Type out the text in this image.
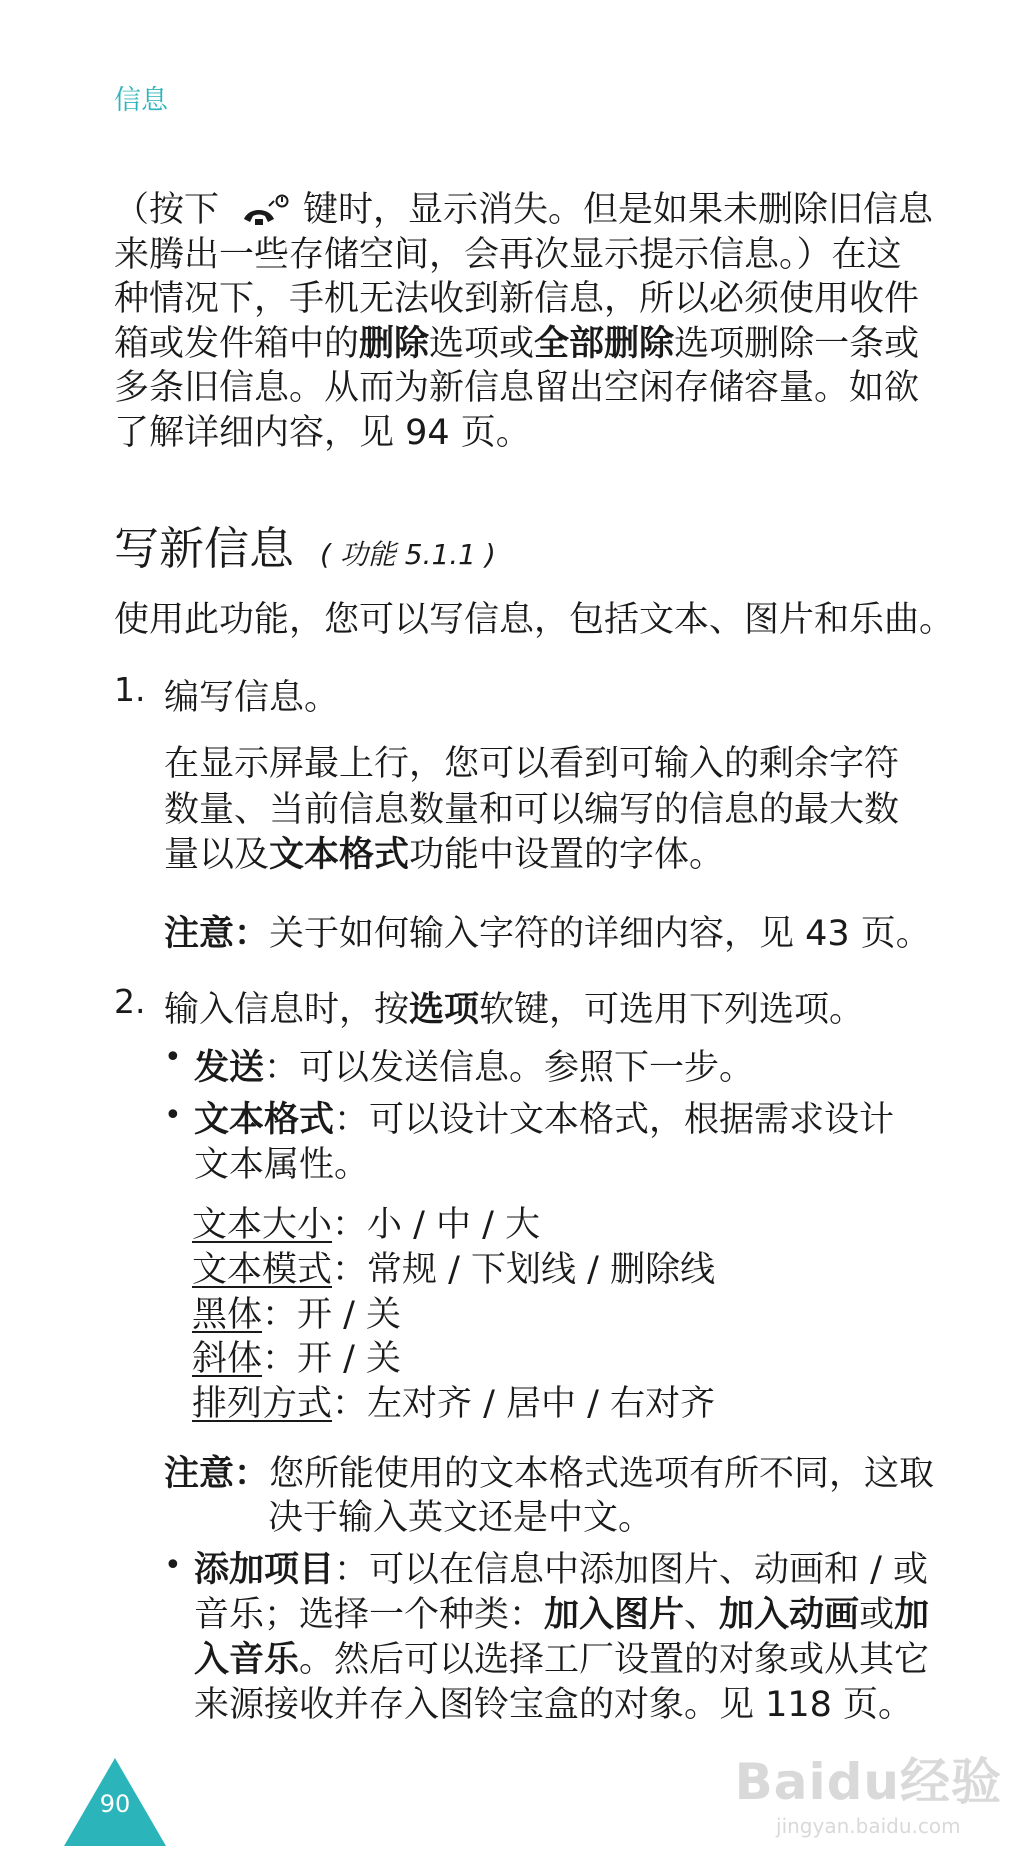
信息
（按下 键时，显示消失。但是如果未删除旧信息
来腾出一些存储空间，会再次显示提示信息。）在这
种情况下，手机无法收到新信息，所以必须使用收件
箱或发件箱中的删除选项或全部删除选项删除一条或
多条旧信息。从而为新信息留出空闲存储容量。如欲
了解详细内容，见 94 页。
写新信息 ( 功能 5.1.1 )
使用此功能，您可以写信息，包括文本、图片和乐曲。
1. 编写信息。
在显示屏最上行，您可以看到可输入的剩余字符
数量、当前信息数量和可以编写的信息的最大数
量以及文本格式功能中设置的字体。
注意：关于如何输入字符的详细内容，见 43 页。
2. 输入信息时，按选项软键，可选用下列选项。
• 发送：可以发送信息。参照下一步。
• 文本格式：可以设计文本格式，根据需求设计
文本属性。
文本大小：小 / 中 / 大
文本模式：常规 / 下划线 / 删除线
黑体：开 / 关
斜体：开 / 关
排列方式：左对齐 / 居中 / 右对齐
注意：您所能使用的文本格式选项有所不同，这取
决于输入英文还是中文。
• 添加项目：可以在信息中添加图片、动画和 / 或
音乐；选择一个种类：加入图片、加入动画或加
入音乐。然后可以选择工厂设置的对象或从其它
来源接收并存入图铃宝盒的对象。见 118 页。
90	Baidu经验
jingyan.baidu.com
